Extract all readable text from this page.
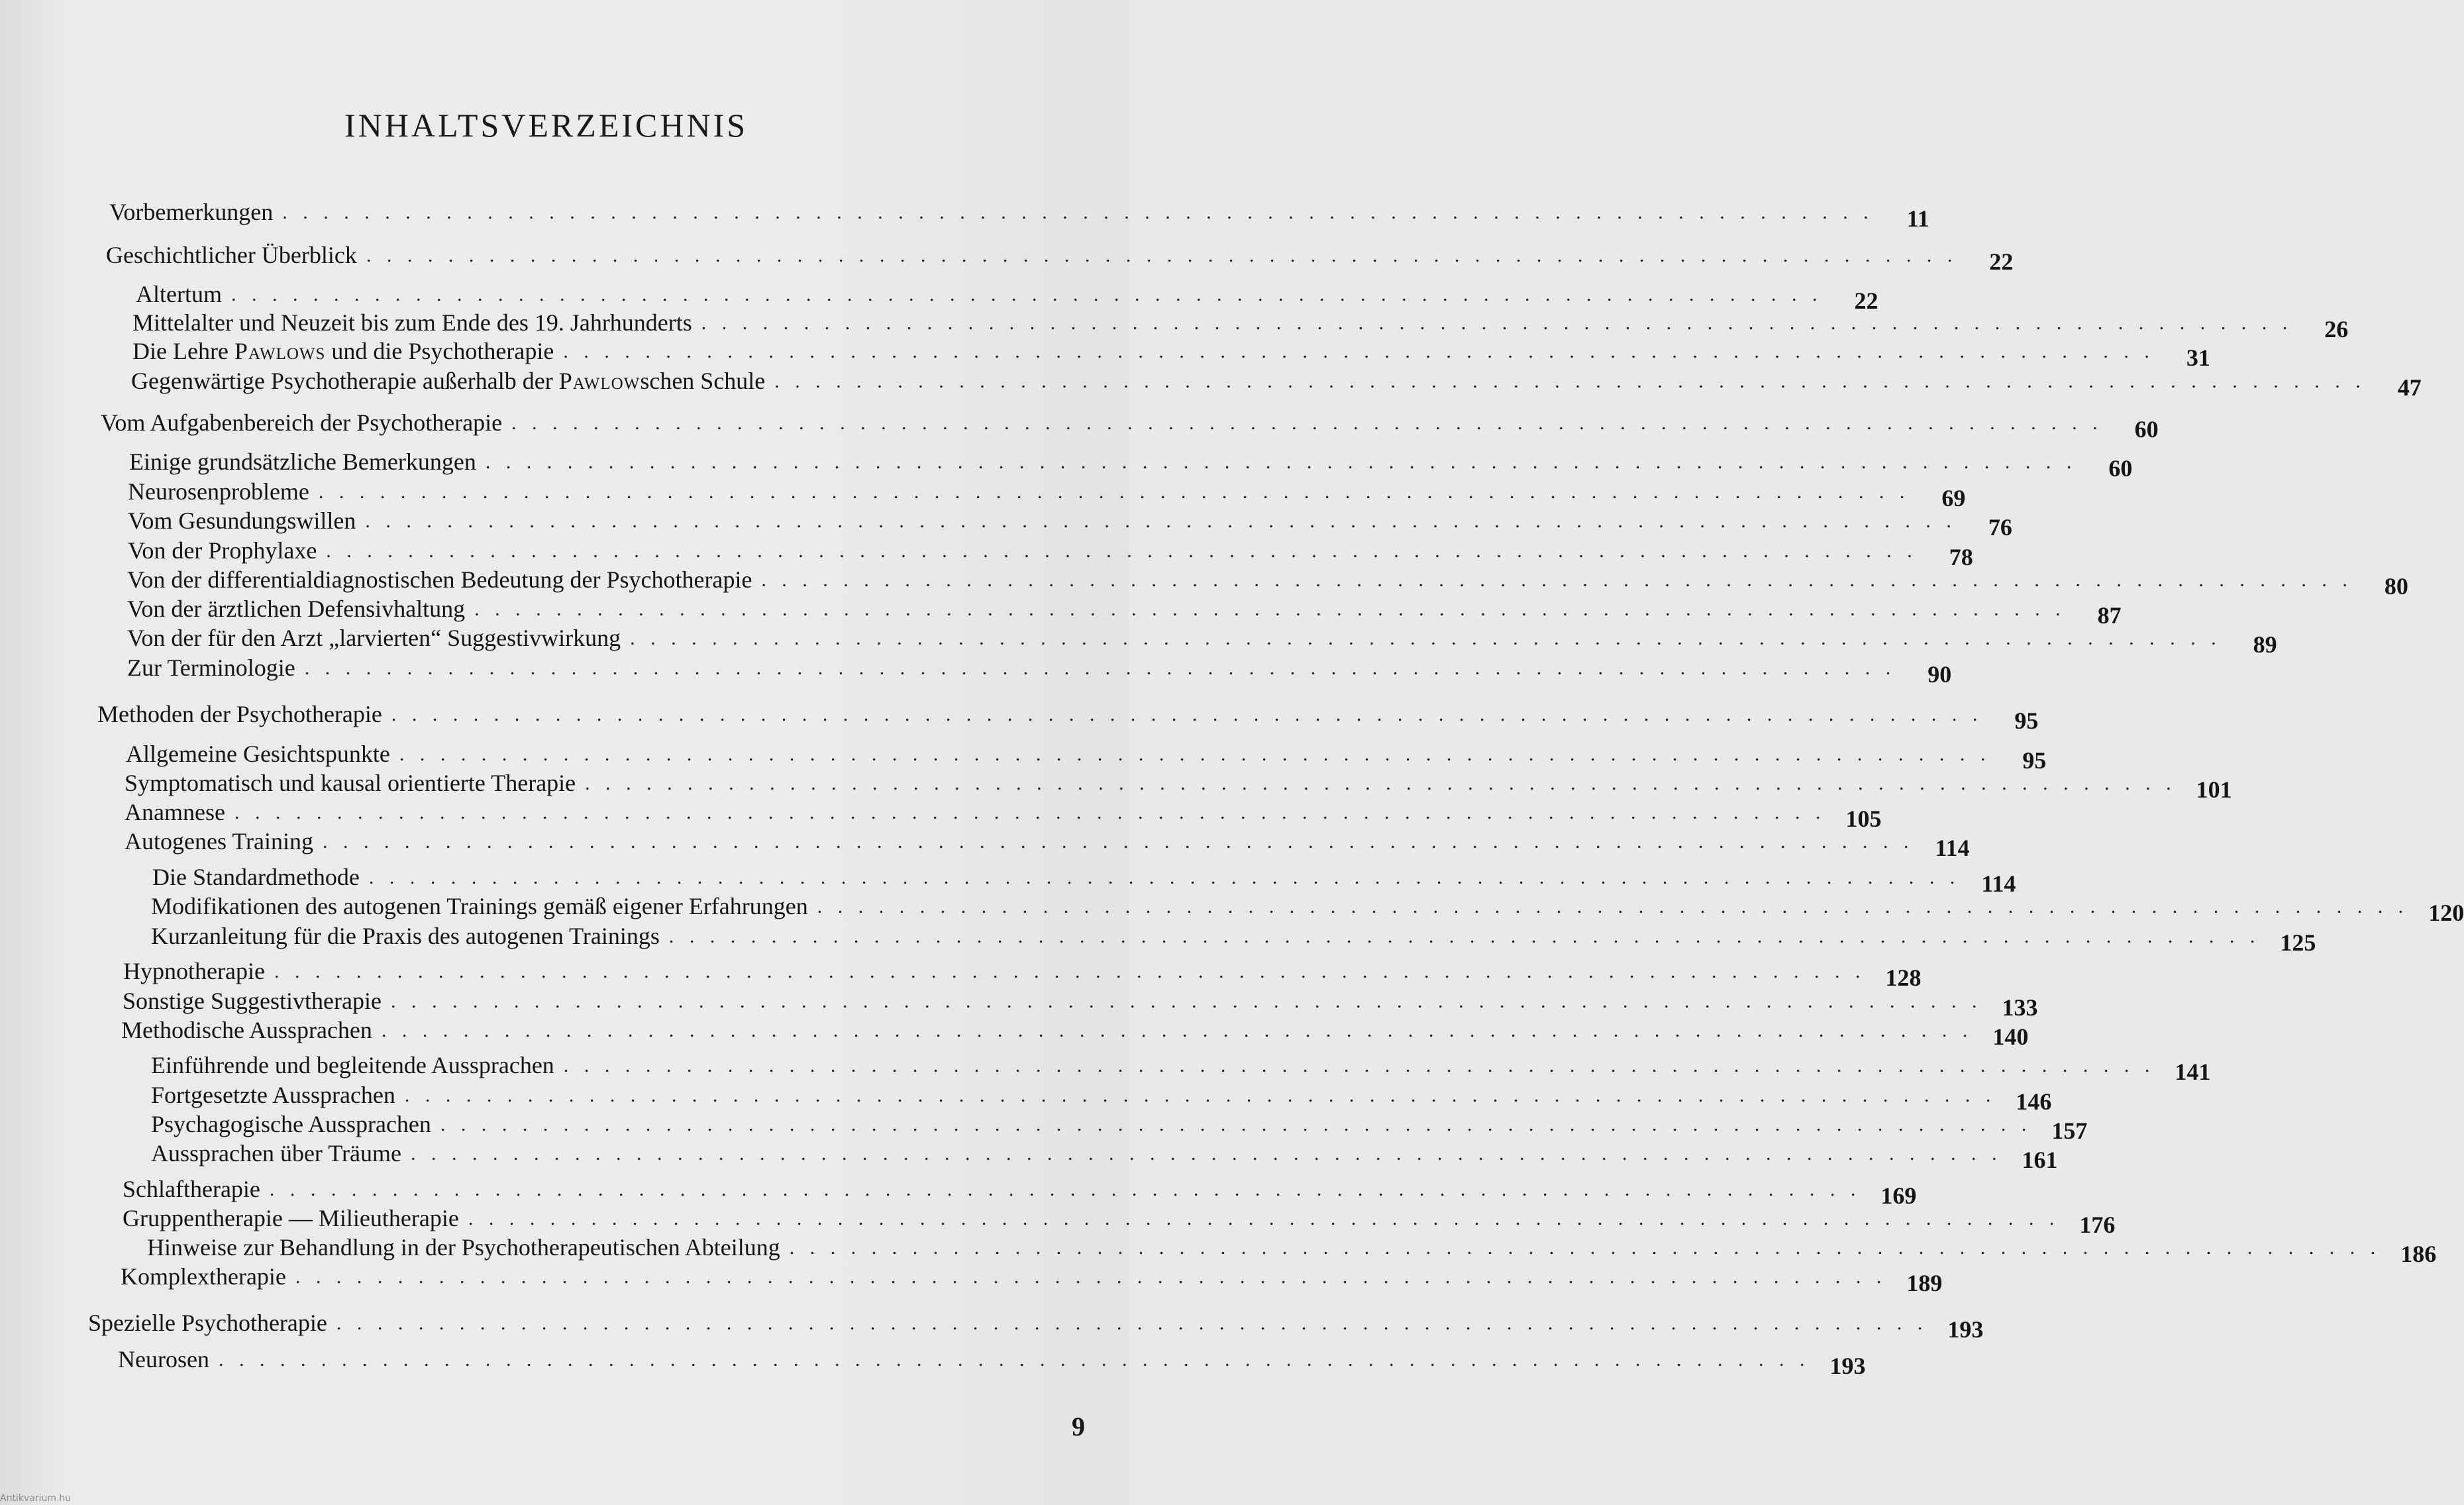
INHALTSVERZEICHNIS
Vorbemerkungen . . . . . . . . . . . . . . . . . . . . . . . . . . . . . . . . . . . . . . . . . . . . . . . . . . . . . . . . . . . . . . . . . . . . . . . . . . . . . .	11
Geschichtlicher Überblick . . . . . . . . . . . . . . . . . . . . . . . . . . . . . . . . . . . . . . . . . . . . . . . . . . . . . . . . . . . . . . . . . . . . . . . . . . . . . .	22
Altertum . . . . . . . . . . . . . . . . . . . . . . . . . . . . . . . . . . . . . . . . . . . . . . . . . . . . . . . . . . . . . . . . . . . . . . . . . . . . . .	22
Mittelalter und Neuzeit bis zum Ende des 19. Jahrhunderts . . . . . . . . . . . . . . . . . . . . . . . . . . . . . . . . . . . . . . . . . . . . . . . . . . . . . . . . . . . . . . . . . . . . . . . . . . . . . .	26
Die Lehre Pawlows und die Psychotherapie . . . . . . . . . . . . . . . . . . . . . . . . . . . . . . . . . . . . . . . . . . . . . . . . . . . . . . . . . . . . . . . . . . . . . . . . . . . . . .	31
Gegenwärtige Psychotherapie außerhalb der Pawlowschen Schule . . . . . . . . . . . . . . . . . . . . . . . . . . . . . . . . . . . . . . . . . . . . . . . . . . . . . . . . . . . . . . . . . . . . . . . . . . . . . .	47
Vom Aufgabenbereich der Psychotherapie . . . . . . . . . . . . . . . . . . . . . . . . . . . . . . . . . . . . . . . . . . . . . . . . . . . . . . . . . . . . . . . . . . . . . . . . . . . . . .	60
Einige grundsätzliche Bemerkungen . . . . . . . . . . . . . . . . . . . . . . . . . . . . . . . . . . . . . . . . . . . . . . . . . . . . . . . . . . . . . . . . . . . . . . . . . . . . . .	60
Neurosenprobleme . . . . . . . . . . . . . . . . . . . . . . . . . . . . . . . . . . . . . . . . . . . . . . . . . . . . . . . . . . . . . . . . . . . . . . . . . . . . . .	69
Vom Gesundungswillen . . . . . . . . . . . . . . . . . . . . . . . . . . . . . . . . . . . . . . . . . . . . . . . . . . . . . . . . . . . . . . . . . . . . . . . . . . . . . .	76
Von der Prophylaxe . . . . . . . . . . . . . . . . . . . . . . . . . . . . . . . . . . . . . . . . . . . . . . . . . . . . . . . . . . . . . . . . . . . . . . . . . . . . . .	78
Von der differentialdiagnostischen Bedeutung der Psychotherapie . . . . . . . . . . . . . . . . . . . . . . . . . . . . . . . . . . . . . . . . . . . . . . . . . . . . . . . . . . . . . . . . . . . . . . . . . . . . . .	80
Von der ärztlichen Defensivhaltung . . . . . . . . . . . . . . . . . . . . . . . . . . . . . . . . . . . . . . . . . . . . . . . . . . . . . . . . . . . . . . . . . . . . . . . . . . . . . .	87
Von der für den Arzt „larvierten“ Suggestivwirkung . . . . . . . . . . . . . . . . . . . . . . . . . . . . . . . . . . . . . . . . . . . . . . . . . . . . . . . . . . . . . . . . . . . . . . . . . . . . . .	89
Zur Terminologie . . . . . . . . . . . . . . . . . . . . . . . . . . . . . . . . . . . . . . . . . . . . . . . . . . . . . . . . . . . . . . . . . . . . . . . . . . . . . .	90
Methoden der Psychotherapie . . . . . . . . . . . . . . . . . . . . . . . . . . . . . . . . . . . . . . . . . . . . . . . . . . . . . . . . . . . . . . . . . . . . . . . . . . . . . .	95
Allgemeine Gesichtspunkte . . . . . . . . . . . . . . . . . . . . . . . . . . . . . . . . . . . . . . . . . . . . . . . . . . . . . . . . . . . . . . . . . . . . . . . . . . . . . .	95
Symptomatisch und kausal orientierte Therapie . . . . . . . . . . . . . . . . . . . . . . . . . . . . . . . . . . . . . . . . . . . . . . . . . . . . . . . . . . . . . . . . . . . . . . . . . . . . . . 101
Anamnese . . . . . . . . . . . . . . . . . . . . . . . . . . . . . . . . . . . . . . . . . . . . . . . . . . . . . . . . . . . . . . . . . . . . . . . . . . . . . . 105
Autogenes Training . . . . . . . . . . . . . . . . . . . . . . . . . . . . . . . . . . . . . . . . . . . . . . . . . . . . . . . . . . . . . . . . . . . . . . . . . . . . . . 114
Die Standardmethode . . . . . . . . . . . . . . . . . . . . . . . . . . . . . . . . . . . . . . . . . . . . . . . . . . . . . . . . . . . . . . . . . . . . . . . . . . . . . . 114
Modifikationen des autogenen Trainings gemäß eigener Erfahrungen . . . . . . . . . . . . . . . . . . . . . . . . . . . . . . . . . . . . . . . . . . . . . . . . . . . . . . . . . . . . . . . . . . . . . . . . . . . . . . 120
Kurzanleitung für die Praxis des autogenen Trainings . . . . . . . . . . . . . . . . . . . . . . . . . . . . . . . . . . . . . . . . . . . . . . . . . . . . . . . . . . . . . . . . . . . . . . . . . . . . . . 125
Hypnotherapie . . . . . . . . . . . . . . . . . . . . . . . . . . . . . . . . . . . . . . . . . . . . . . . . . . . . . . . . . . . . . . . . . . . . . . . . . . . . . . 128
Sonstige Suggestivtherapie . . . . . . . . . . . . . . . . . . . . . . . . . . . . . . . . . . . . . . . . . . . . . . . . . . . . . . . . . . . . . . . . . . . . . . . . . . . . . . 133
Methodische Aussprachen . . . . . . . . . . . . . . . . . . . . . . . . . . . . . . . . . . . . . . . . . . . . . . . . . . . . . . . . . . . . . . . . . . . . . . . . . . . . . . 140
Einführende und begleitende Aussprachen . . . . . . . . . . . . . . . . . . . . . . . . . . . . . . . . . . . . . . . . . . . . . . . . . . . . . . . . . . . . . . . . . . . . . . . . . . . . . . 141
Fortgesetzte Aussprachen . . . . . . . . . . . . . . . . . . . . . . . . . . . . . . . . . . . . . . . . . . . . . . . . . . . . . . . . . . . . . . . . . . . . . . . . . . . . . . 146
Psychagogische Aussprachen . . . . . . . . . . . . . . . . . . . . . . . . . . . . . . . . . . . . . . . . . . . . . . . . . . . . . . . . . . . . . . . . . . . . . . . . . . . . . . 157
Aussprachen über Träume . . . . . . . . . . . . . . . . . . . . . . . . . . . . . . . . . . . . . . . . . . . . . . . . . . . . . . . . . . . . . . . . . . . . . . . . . . . . . . 161
Schlaftherapie . . . . . . . . . . . . . . . . . . . . . . . . . . . . . . . . . . . . . . . . . . . . . . . . . . . . . . . . . . . . . . . . . . . . . . . . . . . . . . 169
Gruppentherapie — Milieutherapie . . . . . . . . . . . . . . . . . . . . . . . . . . . . . . . . . . . . . . . . . . . . . . . . . . . . . . . . . . . . . . . . . . . . . . . . . . . . . . 176
Hinweise zur Behandlung in der Psychotherapeutischen Abteilung . . . . . . . . . . . . . . . . . . . . . . . . . . . . . . . . . . . . . . . . . . . . . . . . . . . . . . . . . . . . . . . . . . . . . . . . . . . . . . 186
Komplextherapie . . . . . . . . . . . . . . . . . . . . . . . . . . . . . . . . . . . . . . . . . . . . . . . . . . . . . . . . . . . . . . . . . . . . . . . . . . . . . . 189
Spezielle Psychotherapie . . . . . . . . . . . . . . . . . . . . . . . . . . . . . . . . . . . . . . . . . . . . . . . . . . . . . . . . . . . . . . . . . . . . . . . . . . . . . . 193
Neurosen . . . . . . . . . . . . . . . . . . . . . . . . . . . . . . . . . . . . . . . . . . . . . . . . . . . . . . . . . . . . . . . . . . . . . . . . . . . . . . 193
9
Antikvarium.hu
